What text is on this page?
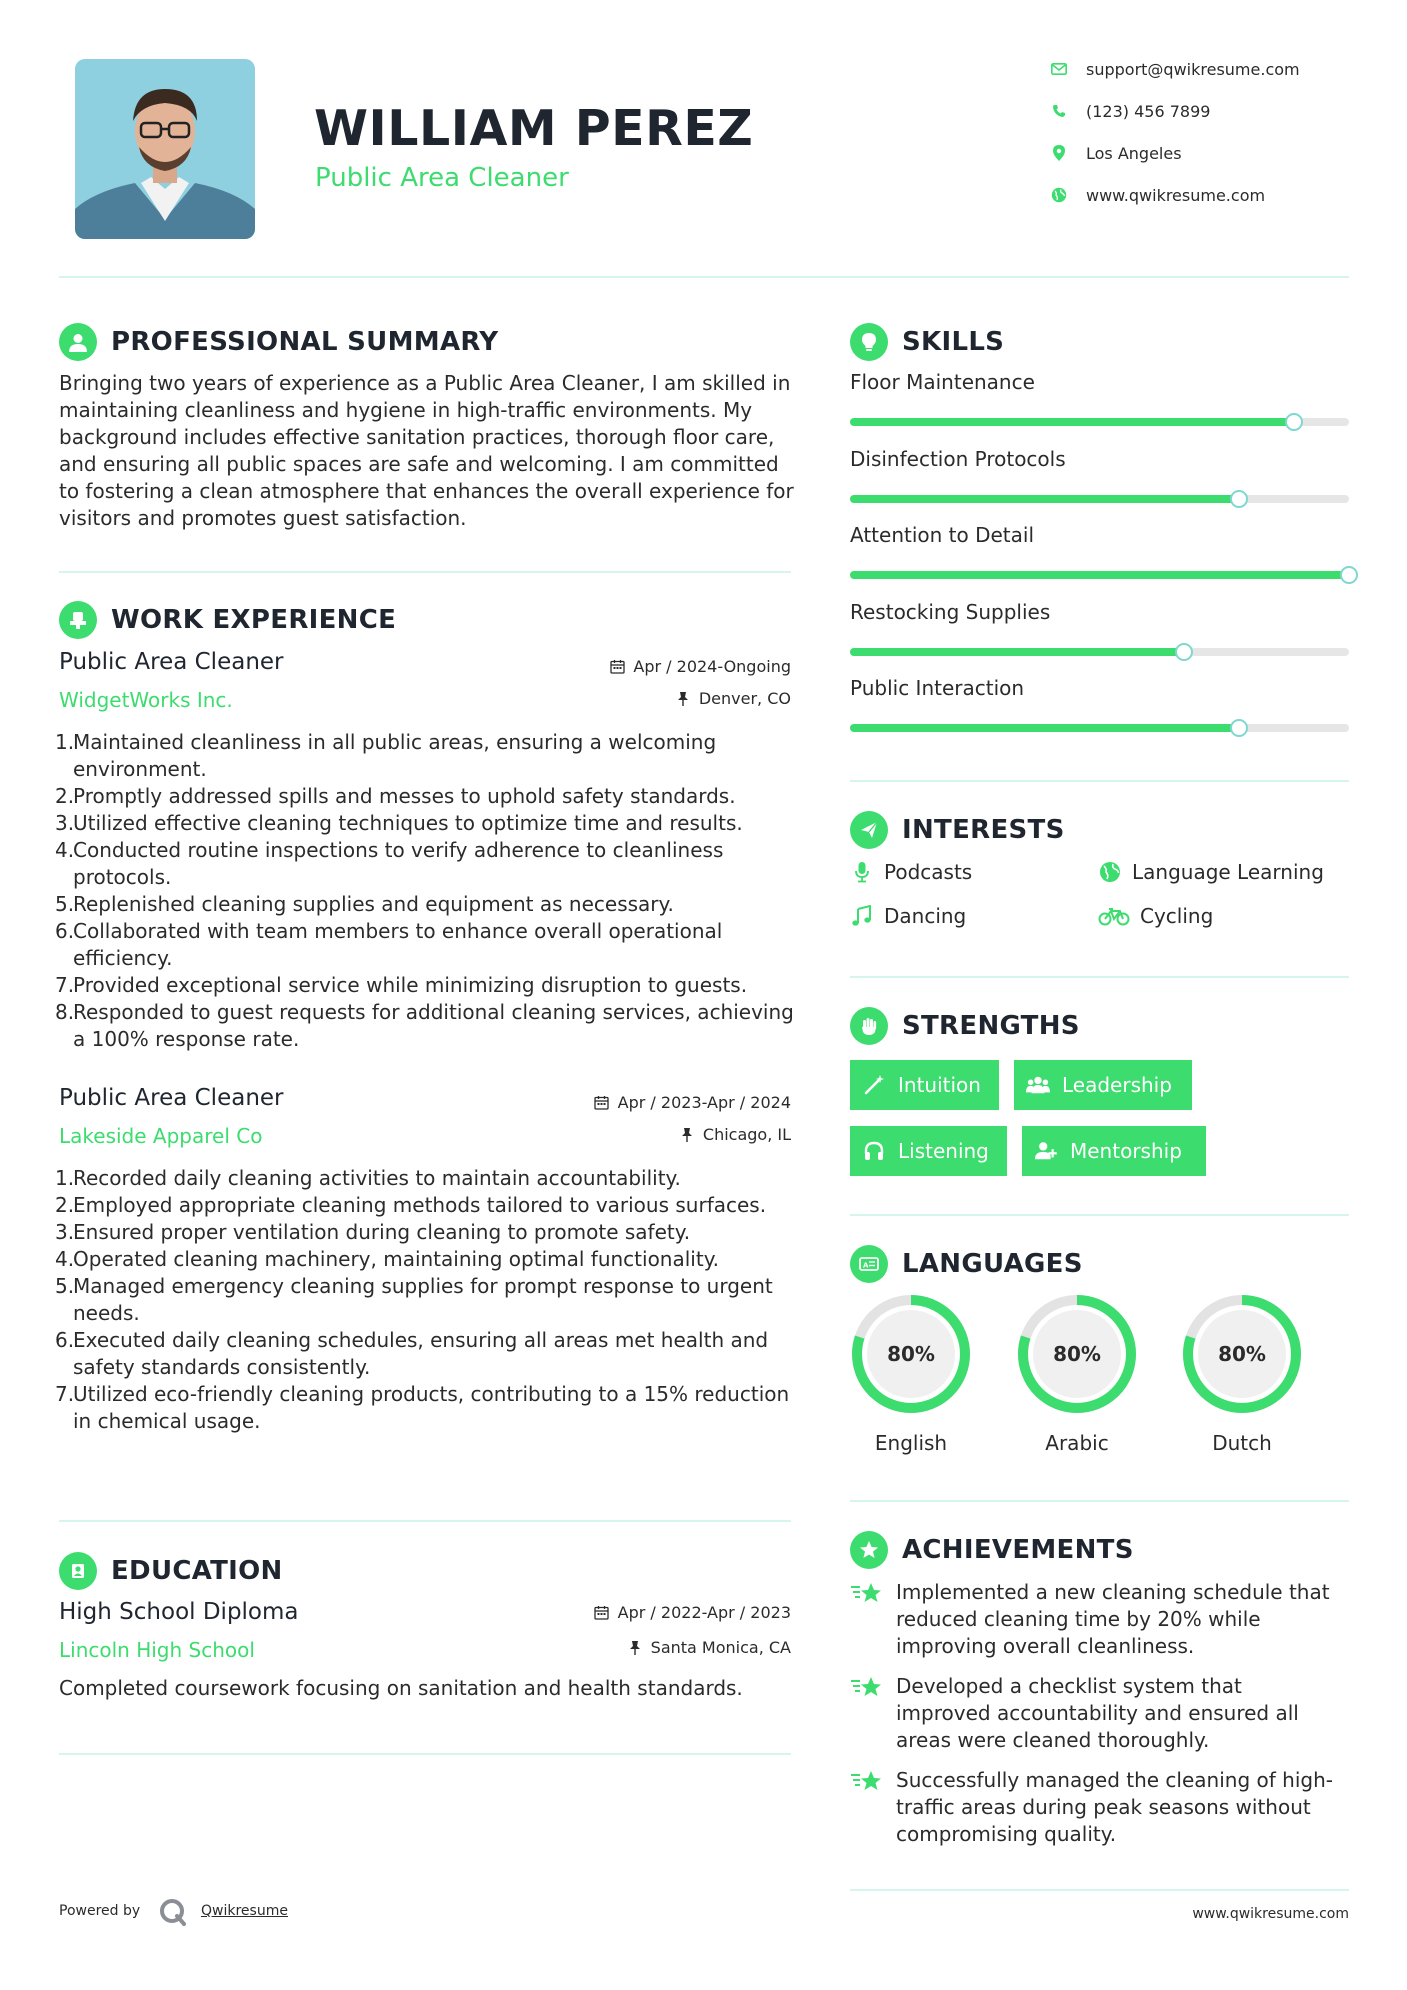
WILLIAM PEREZ
Public Area Cleaner
support@qwikresume.com
(123) 456 7899
Los Angeles
www.qwikresume.com
PROFESSIONAL SUMMARY
Bringing two years of experience as a Public Area Cleaner, I am skilled in maintaining cleanliness and hygiene in high-traffic environments. My background includes effective sanitation practices, thorough floor care, and ensuring all public spaces are safe and welcoming. I am committed to fostering a clean atmosphere that enhances the overall experience for visitors and promotes guest satisfaction.
WORK EXPERIENCE
Public Area Cleaner
WidgetWorks Inc.
Apr / 2024-Ongoing
Denver, CO
1.
Maintained cleanliness in all public areas, ensuring a welcoming environment.
2.
Promptly addressed spills and messes to uphold safety standards.
3.
Utilized effective cleaning techniques to optimize time and results.
4.
Conducted routine inspections to verify adherence to cleanliness protocols.
5.
Replenished cleaning supplies and equipment as necessary.
6.
Collaborated with team members to enhance overall operational efficiency.
7.
Provided exceptional service while minimizing disruption to guests.
8.
Responded to guest requests for additional cleaning services, achieving a 100% response rate.
Public Area Cleaner
Lakeside Apparel Co
Apr / 2023-Apr / 2024
Chicago, IL
1.
Recorded daily cleaning activities to maintain accountability.
2.
Employed appropriate cleaning methods tailored to various surfaces.
3.
Ensured proper ventilation during cleaning to promote safety.
4.
Operated cleaning machinery, maintaining optimal functionality.
5.
Managed emergency cleaning supplies for prompt response to urgent needs.
6.
Executed daily cleaning schedules, ensuring all areas met health and safety standards consistently.
7.
Utilized eco-friendly cleaning products, contributing to a 15% reduction in chemical usage.
EDUCATION
High School Diploma
Lincoln High School
Apr / 2022-Apr / 2023
Santa Monica, CA
Completed coursework focusing on sanitation and health standards.
SKILLS
Floor Maintenance
Disinfection Protocols
Attention to Detail
Restocking Supplies
Public Interaction
INTERESTS
Podcasts	Language Learning
Dancing	Cycling
STRENGTHS
Intuition	Leadership
Listening	Mentorship
A LANGUAGES
80%
English
80%
Arabic
80%
Dutch
ACHIEVEMENTS
Implemented a new cleaning schedule that reduced cleaning time by 20% while improving overall cleanliness.
Developed a checklist system that improved accountability and ensured all areas were cleaned thoroughly.
Successfully managed the cleaning of high-traffic areas during peak seasons without compromising quality.
Powered by	Qwikresume	www.qwikresume.com
